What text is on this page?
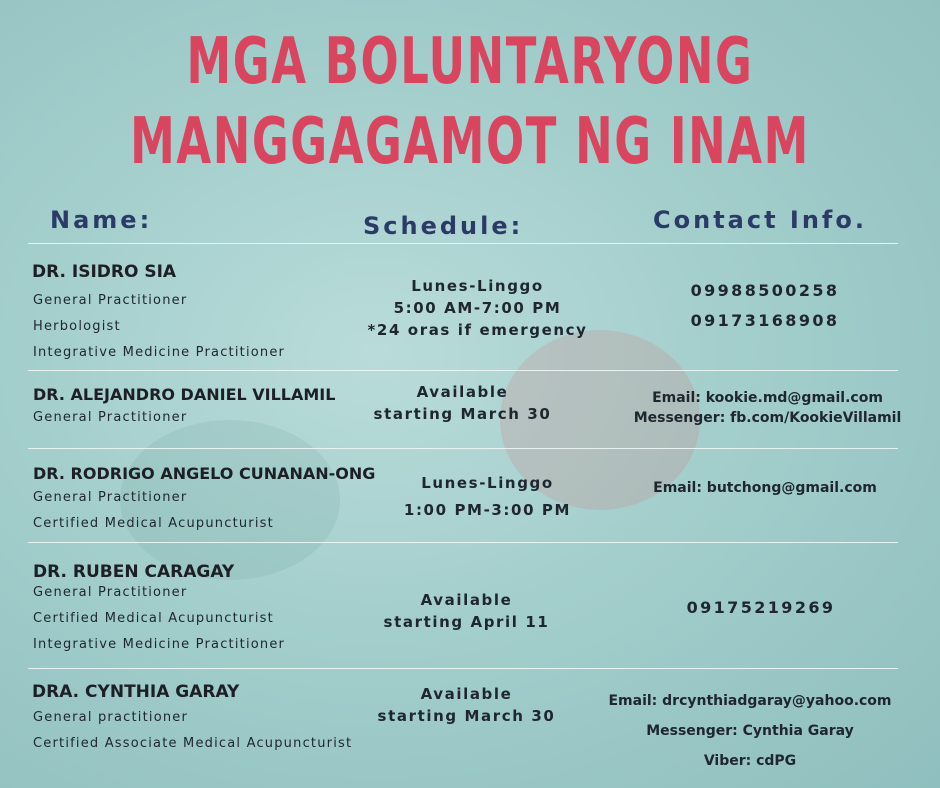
MGA BOLUNTARYONG
MANGGAGAMOT NG INAM
Name:	Schedule:	Contact Info.
DR. ISIDRO SIA
General Practitioner
Herbologist
Integrative Medicine Practitioner
Lunes-Linggo
5:00 AM-7:00 PM
*24 oras if emergency
09988500258
09173168908
DR. ALEJANDRO DANIEL VILLAMIL
General Practitioner
Available
starting March 30
Email: kookie.md@gmail.com
Messenger: fb.com/KookieVillamil
DR. RODRIGO ANGELO CUNANAN-ONG
General Practitioner
Certified Medical Acupuncturist
Lunes-Linggo
1:00 PM-3:00 PM
Email: butchong@gmail.com
DR. RUBEN CARAGAY
General Practitioner
Certified Medical Acupuncturist
Integrative Medicine Practitioner
Available
starting April 11
09175219269
DRA. CYNTHIA GARAY
General practitioner
Certified Associate Medical Acupuncturist
Available
starting March 30
Email: drcynthiadgaray@yahoo.com
Messenger: Cynthia Garay
Viber: cdPG
